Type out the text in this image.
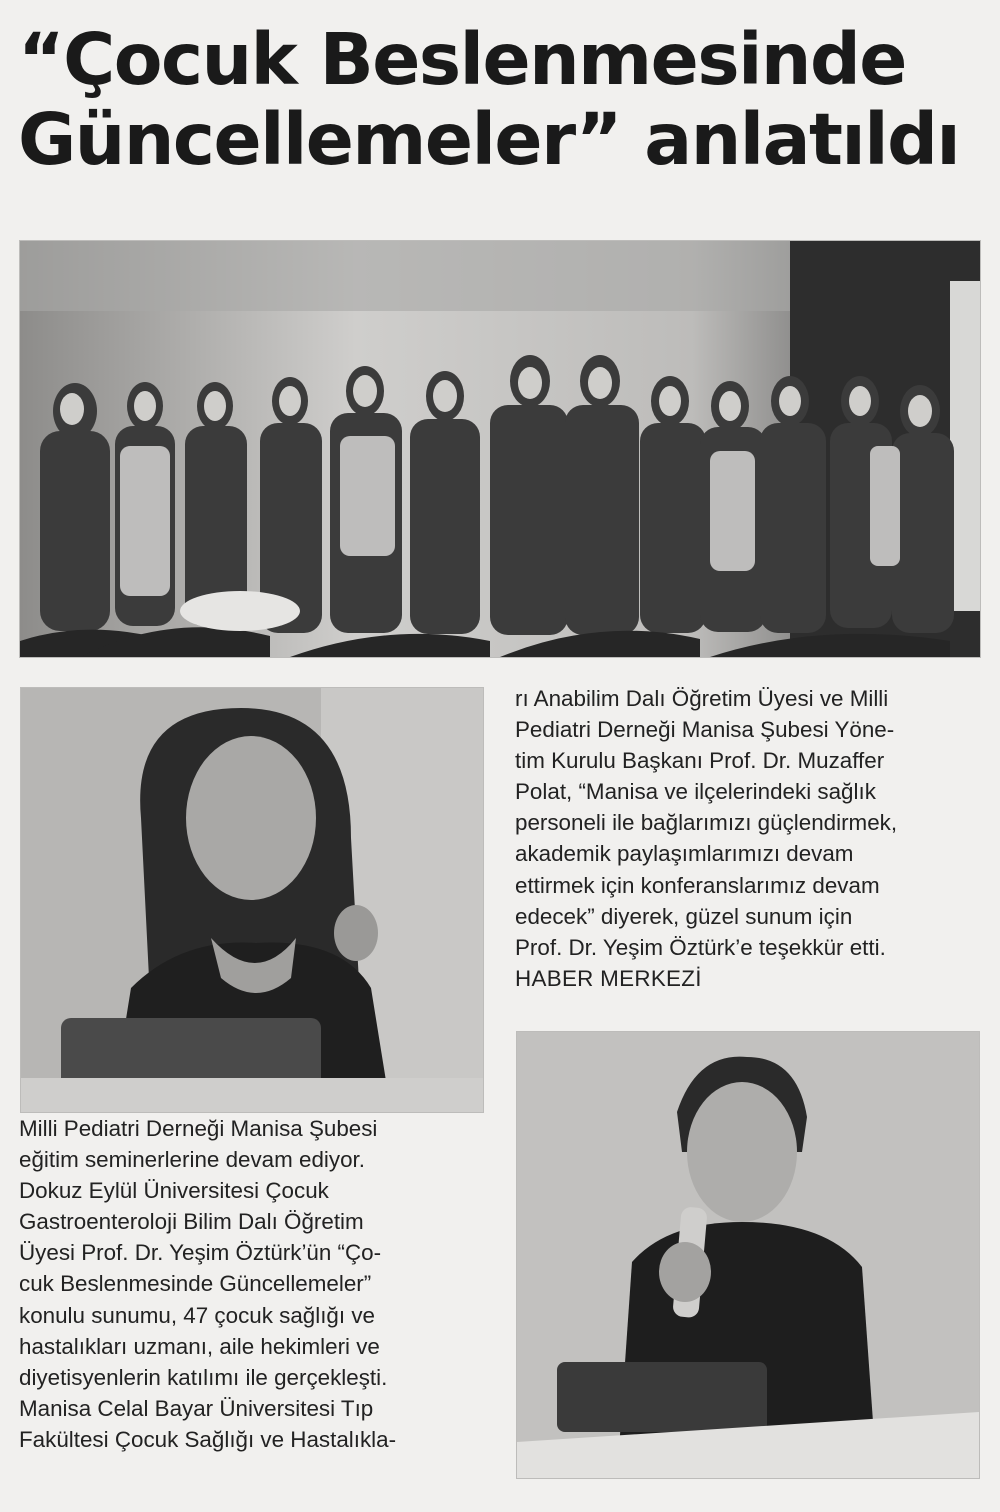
“Çocuk Beslenmesinde
Güncellemeler” anlatıldı
rı Anabilim Dalı Öğretim Üyesi ve Milli
Pediatri Derneği Manisa Şubesi Yöne-
tim Kurulu Başkanı Prof. Dr. Muzaffer
Polat, “Manisa ve ilçelerindeki sağlık
personeli ile bağlarımızı güçlendirmek,
akademik paylaşımlarımızı devam
ettirmek için konferanslarımız devam
edecek” diyerek, güzel sunum için
Prof. Dr. Yeşim Öztürk’e teşekkür etti.
HABER MERKEZİ
Milli Pediatri Derneği Manisa Şubesi
eğitim seminerlerine devam ediyor.
Dokuz Eylül Üniversitesi Çocuk
Gastroenteroloji Bilim Dalı Öğretim
Üyesi Prof. Dr. Yeşim Öztürk’ün “Ço-
cuk Beslenmesinde Güncellemeler”
konulu sunumu, 47 çocuk sağlığı ve
hastalıkları uzmanı, aile hekimleri ve
diyetisyenlerin katılımı ile gerçekleşti.
Manisa Celal Bayar Üniversitesi Tıp
Fakültesi Çocuk Sağlığı ve Hastalıkla-
